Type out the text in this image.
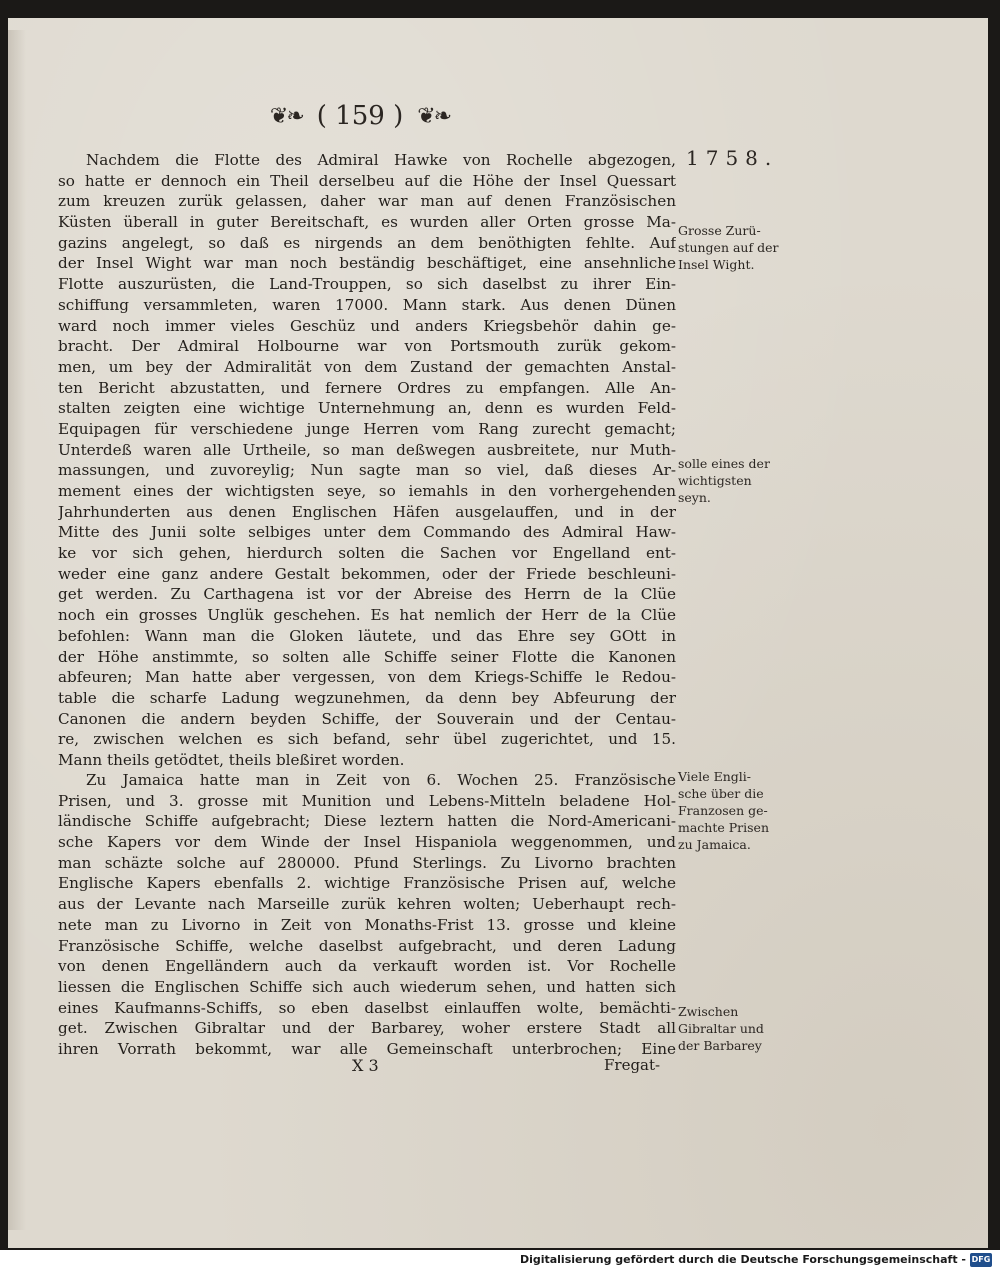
❦❧ ( 159 ) ❦❧
1758.
Nachdem die Flotte des Admiral Hawke von Rochelle abgezogen,
so hatte er dennoch ein Theil derselbeu auf die Höhe der Insel Quessart
zum kreuzen zurük gelassen, daher war man auf denen Französischen
Küsten überall in guter Bereitschaft, es wurden aller Orten grosse Ma-
gazins angelegt, so daß es nirgends an dem benöthigten fehlte. Auf
der Insel Wight war man noch beständig beschäftiget, eine ansehnliche
Flotte auszurüsten, die Land-Trouppen, so sich daselbst zu ihrer Ein-
schiffung versammleten, waren 17000. Mann stark. Aus denen Dünen
ward noch immer vieles Geschüz und anders Kriegsbehör dahin ge-
bracht. Der Admiral Holbourne war von Portsmouth zurük gekom-
men, um bey der Admiralität von dem Zustand der gemachten Anstal-
ten Bericht abzustatten, und fernere Ordres zu empfangen. Alle An-
stalten zeigten eine wichtige Unternehmung an, denn es wurden Feld-
Equipagen für verschiedene junge Herren vom Rang zurecht gemacht;
Unterdeß waren alle Urtheile, so man deßwegen ausbreitete, nur Muth-
massungen, und zuvoreylig; Nun sagte man so viel, daß dieses Ar-
mement eines der wichtigsten seye, so iemahls in den vorhergehenden
Jahrhunderten aus denen Englischen Häfen ausgelauffen, und in der
Mitte des Junii solte selbiges unter dem Commando des Admiral Haw-
ke vor sich gehen, hierdurch solten die Sachen vor Engelland ent-
weder eine ganz andere Gestalt bekommen, oder der Friede beschleuni-
get werden. Zu Carthagena ist vor der Abreise des Herrn de la Clüe
noch ein grosses Unglük geschehen. Es hat nemlich der Herr de la Clüe
befohlen: Wann man die Gloken läutete, und das Ehre sey GOtt in
der Höhe anstimmte, so solten alle Schiffe seiner Flotte die Kanonen
abfeuren; Man hatte aber vergessen, von dem Kriegs-Schiffe le Redou-
table die scharfe Ladung wegzunehmen, da denn bey Abfeurung der
Canonen die andern beyden Schiffe, der Souverain und der Centau-
re, zwischen welchen es sich befand, sehr übel zugerichtet, und 15.
Mann theils getödtet, theils bleßiret worden.
Zu Jamaica hatte man in Zeit von 6. Wochen 25. Französische
Prisen, und 3. grosse mit Munition und Lebens-Mitteln beladene Hol-
ländische Schiffe aufgebracht; Diese leztern hatten die Nord-Americani-
sche Kapers vor dem Winde der Insel Hispaniola weggenommen, und
man schäzte solche auf 280000. Pfund Sterlings. Zu Livorno brachten
Englische Kapers ebenfalls 2. wichtige Französische Prisen auf, welche
aus der Levante nach Marseille zurük kehren wolten; Ueberhaupt rech-
nete man zu Livorno in Zeit von Monaths-Frist 13. grosse und kleine
Französische Schiffe, welche daselbst aufgebracht, und deren Ladung
von denen Engelländern auch da verkauft worden ist. Vor Rochelle
liessen die Englischen Schiffe sich auch wiederum sehen, und hatten sich
eines Kaufmanns-Schiffs, so eben daselbst einlauffen wolte, bemächti-
get. Zwischen Gibraltar und der Barbarey, woher erstere Stadt all
ihren Vorrath bekommt, war alle Gemeinschaft unterbrochen; Eine
Grosse Zurü-
stungen auf der
Insel Wight.
solle eines der
wichtigsten
seyn.
Viele Engli-
sche über die
Franzosen ge-
machte Prisen
zu Jamaica.
Zwischen
Gibraltar und
der Barbarey
X 3	Fregat-
Digitalisierung gefördert durch die Deutsche Forschungsgemeinschaft - DFG
